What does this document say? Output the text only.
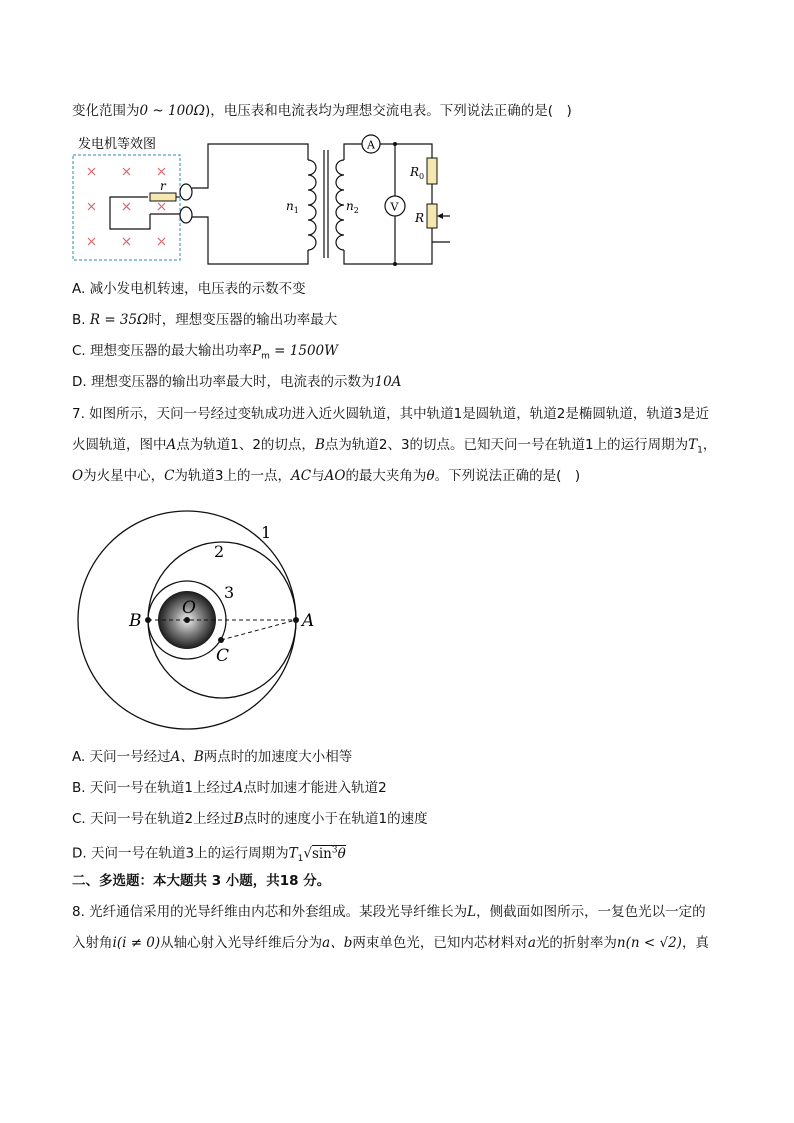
变化范围为0 ~ 100Ω)，电压表和电流表均为理想交流电表。下列说法正确的是(　)
发电机等效图
r
$n_1$	$n_2$
A
V
$R_0$
R
A. 减小发电机转速，电压表的示数不变
B. R = 35Ω时，理想变压器的输出功率最大
C. 理想变压器的最大输出功率$P_m = 1500W$
D. 理想变压器的输出功率最大时，电流表的示数为10A
7. 如图所示，天问一号经过变轨成功进入近火圆轨道，其中轨道1是圆轨道，轨道2是椭圆轨道，轨道3是近
火圆轨道，图中A点为轨道1、2的切点，B点为轨道2、3的切点。已知天问一号在轨道1上的运行周期为$T_1$，
O为火星中心，C为轨道3上的一点，AC与AO的最大夹角为θ。下列说法正确的是(　)
1
2
3
O
A
B
C
A. 天问一号经过A、B两点时的加速度大小相等
B. 天问一号在轨道1上经过A点时加速才能进入轨道2
C. 天问一号在轨道2上经过B点时的速度小于在轨道1的速度
D. 天问一号在轨道3上的运行周期为$T_1√\sin^3\theta$
二、多选题：本大题共 3 小题，共18 分。
8. 光纤通信采用的光导纤维由内芯和外套组成。某段光导纤维长为L，侧截面如图所示，一复色光以一定的
入射角i(i ≠ 0)从轴心射入光导纤维后分为a、b两束单色光，已知内芯材料对a光的折射率为n(n < √2)，真
